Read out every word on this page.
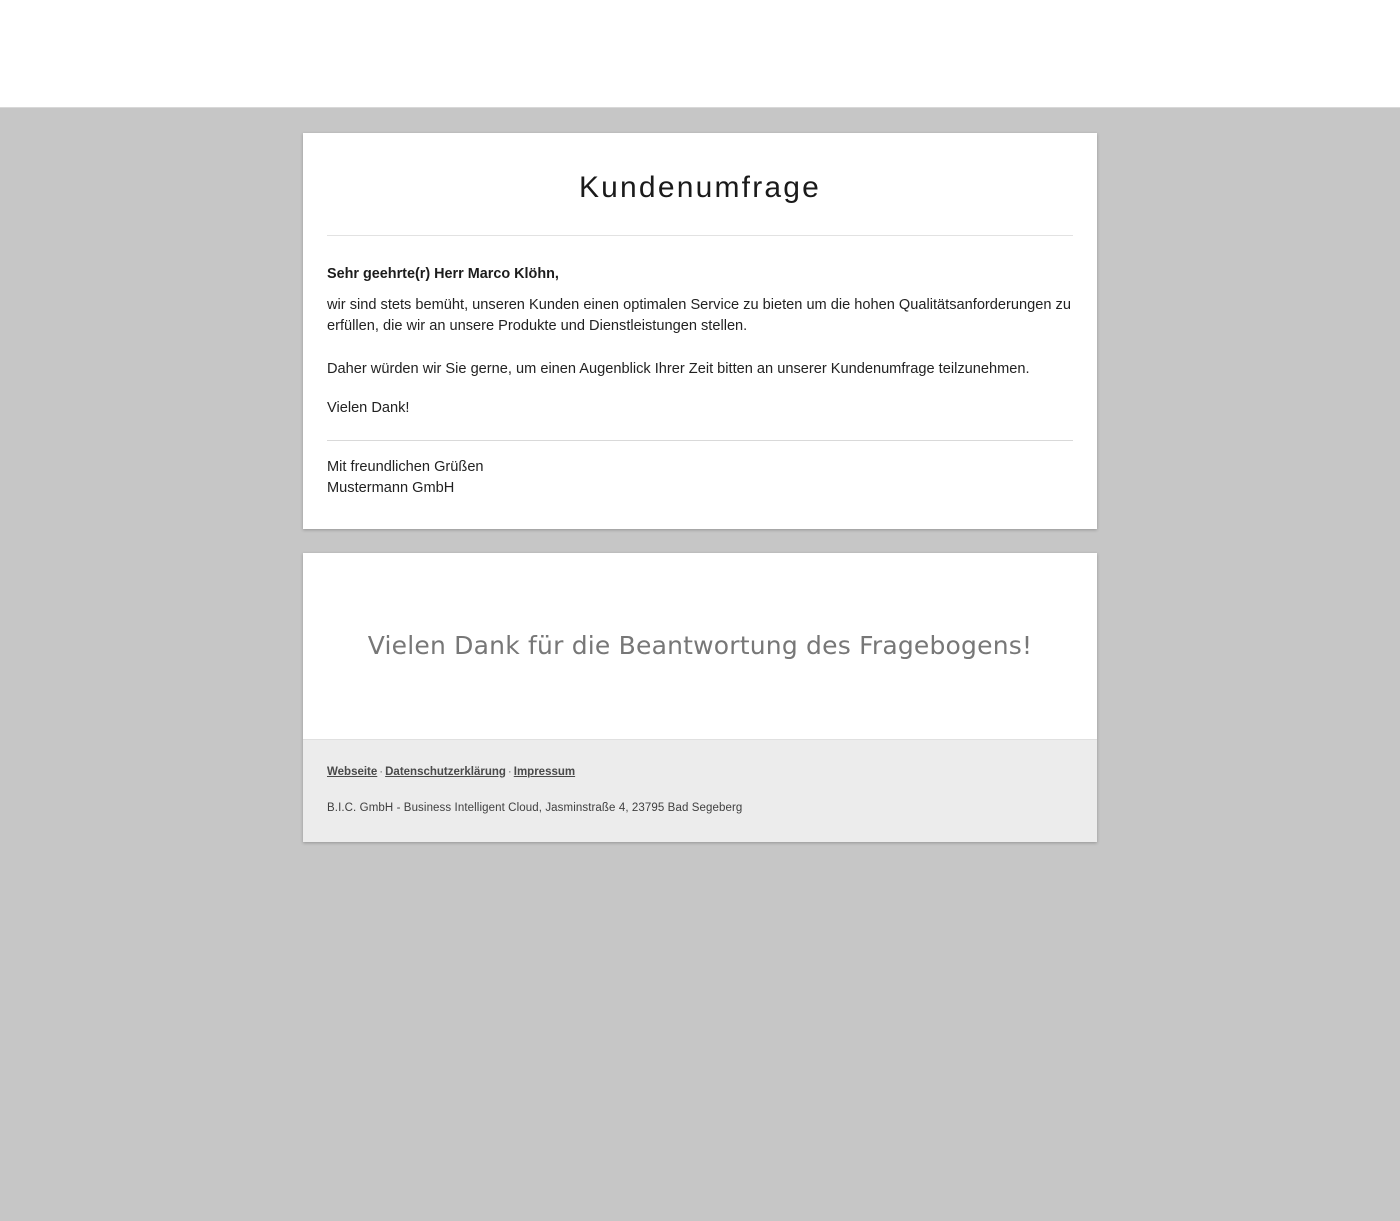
Kundenumfrage

Sehr geehrte(r) Herr Marco Klöhn,

wir sind stets bemüht, unseren Kunden einen optimalen Service zu bieten um die hohen Qualitätsanforderungen zu erfüllen, die wir an unsere Produkte und Dienstleistungen stellen.

Daher würden wir Sie gerne, um einen Augenblick Ihrer Zeit bitten an unserer Kundenumfrage teilzunehmen.

Vielen Dank!

Mit freundlichen Grüßen

Mustermann GmbH

Vielen Dank für die Beantwortung des Fragebogens!
Webseite · Datenschutzerklärung · Impressum
B.I.C. GmbH - Business Intelligent Cloud, Jasminstraße 4, 23795 Bad Segeberg
